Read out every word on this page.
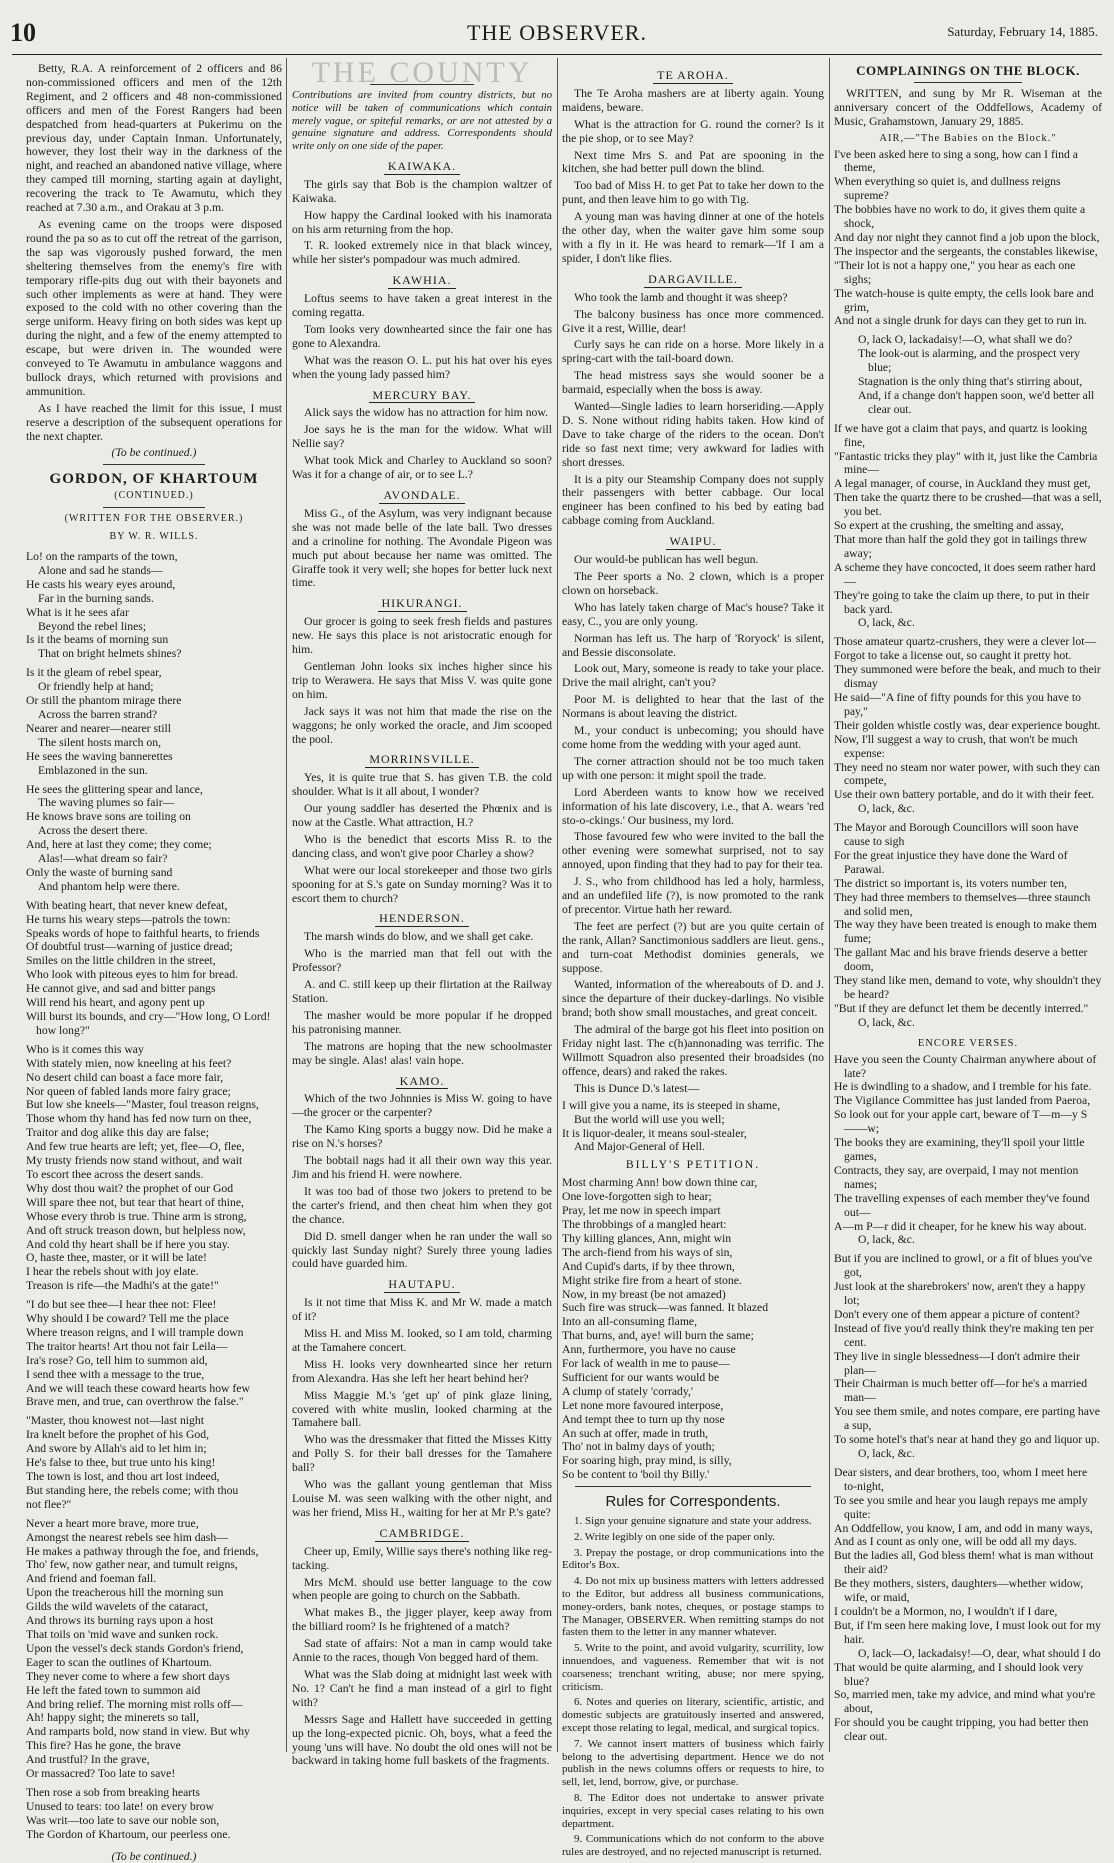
10	THE OBSERVER.	Saturday, February 14, 1885.

Betty, R.A. A reinforcement of 2 officers and 86 non-commissioned officers and men of the 12th Regiment, and 2 officers and 48 non-commissioned officers and men of the Forest Rangers had been despatched from head-quarters at Pukerimu on the previous day, under Captain Inman. Unfortunately, however, they lost their way in the darkness of the night, and reached an abandoned native village, where they camped till morning, starting again at daylight, recovering the track to Te Awamutu, which they reached at 7.30 a.m., and Orakau at 3 p.m.

As evening came on the troops were disposed round the pa so as to cut off the retreat of the garrison, the sap was vigorously pushed forward, the men sheltering themselves from the enemy's fire with temporary rifle-pits dug out with their bayonets and such other implements as were at hand. They were exposed to the cold with no other covering than the serge uniform. Heavy firing on both sides was kept up during the night, and a few of the enemy attempted to escape, but were driven in. The wounded were conveyed to Te Awamutu in ambulance waggons and bullock drays, which returned with provisions and ammunition.

As I have reached the limit for this issue, I must reserve a description of the subsequent operations for the next chapter.

(To be continued.)
GORDON, OF KHARTOUM
(CONTINUED.)
(WRITTEN FOR THE OBSERVER.)
BY W. R. WILLS.
Lo! on the ramparts of the town,
Alone and sad he stands—
He casts his weary eyes around,
Far in the burning sands.
What is it he sees afar
Beyond the rebel lines;
Is it the beams of morning sun
That on bright helmets shines?
Is it the gleam of rebel spear,
Or friendly help at hand;
Or still the phantom mirage there
Across the barren strand?
Nearer and nearer—nearer still
The silent hosts march on,
He sees the waving bannerettes
Emblazoned in the sun.
He sees the glittering spear and lance,
The waving plumes so fair—
He knows brave sons are toiling on
Across the desert there.
And, here at last they come; they come;
Alas!—what dream so fair?
Only the waste of burning sand
And phantom help were there.
With beating heart, that never knew defeat,
He turns his weary steps—patrols the town:
Speaks words of hope to faithful hearts, to friends
Of doubtful trust—warning of justice dread;
Smiles on the little children in the street,
Who look with piteous eyes to him for bread.
He cannot give, and sad and bitter pangs
Will rend his heart, and agony pent up
Will burst its bounds, and cry—"How long, O Lord! how long?"
Who is it comes this way
With stately mien, now kneeling at his feet?
No desert child can boast a face more fair,
Nor queen of fabled lands more fairy grace;
But low she kneels—"Master, foul treason reigns,
Those whom thy hand has fed now turn on thee,
Traitor and dog alike this day are false;
And few true hearts are left; yet, flee—O, flee,
My trusty friends now stand without, and wait
To escort thee across the desert sands.
Why dost thou wait? the prophet of our God
Will spare thee not, but tear that heart of thine,
Whose every throb is true. Thine arm is strong,
And oft struck treason down, but helpless now,
And cold thy heart shall be if here you stay.
O, haste thee, master, or it will be late!
I hear the rebels shout with joy elate.
Treason is rife—the Madhi's at the gate!"
"I do but see thee—I hear thee not: Flee!
Why should I be coward? Tell me the place
Where treason reigns, and I will trample down
The traitor hearts! Art thou not fair Leila—
Ira's rose? Go, tell him to summon aid,
I send thee with a message to the true,
And we will teach these coward hearts how few
Brave men, and true, can overthrow the false."
"Master, thou knowest not—last night
Ira knelt before the prophet of his God,
And swore by Allah's aid to let him in;
He's false to thee, but true unto his king!
The town is lost, and thou art lost indeed,
But standing here, the rebels come; with thou
not flee?"
Never a heart more brave, more true,
Amongst the nearest rebels see him dash—
He makes a pathway through the foe, and friends,
Tho' few, now gather near, and tumult reigns,
And friend and foeman fall.
Upon the treacherous hill the morning sun
Gilds the wild wavelets of the cataract,
And throws its burning rays upon a host
That toils on 'mid wave and sunken rock.
Upon the vessel's deck stands Gordon's friend,
Eager to scan the outlines of Khartoum.
They never come to where a few short days
He left the fated town to summon aid
And bring relief. The morning mist rolls off—
Ah! happy sight; the minerets so tall,
And ramparts bold, now stand in view. But why
This fire? Has he gone, the brave
And trustful? In the grave,
Or massacred? Too late to save!
Then rose a sob from breaking hearts
Unused to tears: too late! on every brow
Was writ—too late to save our noble son,
The Gordon of Khartoum, our peerless one.
(To be continued.)
THE COUNTY
Contributions are invited from country districts, but no notice will be taken of communications which contain merely vague, or spiteful remarks, or are not attested by a genuine signature and address. Correspondents should write only on one side of the paper.
KAIWAKA.

The girls say that Bob is the champion waltzer of Kaiwaka.

How happy the Cardinal looked with his inamorata on his arm returning from the hop.

T. R. looked extremely nice in that black wincey, while her sister's pompadour was much admired.

KAWHIA.

Loftus seems to have taken a great interest in the coming regatta.

Tom looks very downhearted since the fair one has gone to Alexandra.

What was the reason O. L. put his hat over his eyes when the young lady passed him?

MERCURY BAY.

Alick says the widow has no attraction for him now.

Joe says he is the man for the widow. What will Nellie say?

What took Mick and Charley to Auckland so soon? Was it for a change of air, or to see L.?

AVONDALE.

Miss G., of the Asylum, was very indignant because she was not made belle of the late ball. Two dresses and a crinoline for nothing. The Avondale Pigeon was much put about because her name was omitted. The Giraffe took it very well; she hopes for better luck next time.

HIKURANGI.

Our grocer is going to seek fresh fields and pastures new. He says this place is not aristocratic enough for him.

Gentleman John looks six inches higher since his trip to Werawera. He says that Miss V. was quite gone on him.

Jack says it was not him that made the rise on the waggons; he only worked the oracle, and Jim scooped the pool.

MORRINSVILLE.

Yes, it is quite true that S. has given T.B. the cold shoulder. What is it all about, I wonder?

Our young saddler has deserted the Phœnix and is now at the Castle. What attraction, H.?

Who is the benedict that escorts Miss R. to the dancing class, and won't give poor Charley a show?

What were our local storekeeper and those two girls spooning for at S.'s gate on Sunday morning? Was it to escort them to church?

HENDERSON.

The marsh winds do blow, and we shall get cake.

Who is the married man that fell out with the Professor?

A. and C. still keep up their flirtation at the Railway Station.

The masher would be more popular if he dropped his patronising manner.

The matrons are hoping that the new schoolmaster may be single. Alas! alas! vain hope.

KAMO.

Which of the two Johnnies is Miss W. going to have—the grocer or the carpenter?

The Kamo King sports a buggy now. Did he make a rise on N.'s horses?

The bobtail nags had it all their own way this year. Jim and his friend H. were nowhere.

It was too bad of those two jokers to pretend to be the carter's friend, and then cheat him when they got the chance.

Did D. smell danger when he ran under the wall so quickly last Sunday night? Surely three young ladies could have guarded him.

HAUTAPU.

Is it not time that Miss K. and Mr W. made a match of it?

Miss H. and Miss M. looked, so I am told, charming at the Tamahere concert.

Miss H. looks very downhearted since her return from Alexandra. Has she left her heart behind her?

Miss Maggie M.'s 'get up' of pink glaze lining, covered with white muslin, looked charming at the Tamahere ball.

Who was the dressmaker that fitted the Misses Kitty and Polly S. for their ball dresses for the Tamahere ball?

Who was the gallant young gentleman that Miss Louise M. was seen walking with the other night, and was her friend, Miss H., waiting for her at Mr P.'s gate?

CAMBRIDGE.

Cheer up, Emily, Willie says there's nothing like reg-tacking.

Mrs McM. should use better language to the cow when people are going to church on the Sabbath.

What makes B., the jigger player, keep away from the billiard room? Is he frightened of a match?

Sad state of affairs: Not a man in camp would take Annie to the races, though Von begged hard of them.

What was the Slab doing at midnight last week with No. 1? Can't he find a man instead of a girl to fight with?

Messrs Sage and Hallett have succeeded in getting up the long-expected picnic. Oh, boys, what a feed the young 'uns will have. No doubt the old ones will not be backward in taking home full baskets of the fragments.

TE AROHA.

The Te Aroha mashers are at liberty again. Young maidens, beware.

What is the attraction for G. round the corner? Is it the pie shop, or to see May?

Next time Mrs S. and Pat are spooning in the kitchen, she had better pull down the blind.

Too bad of Miss H. to get Pat to take her down to the punt, and then leave him to go with Tig.

A young man was having dinner at one of the hotels the other day, when the waiter gave him some soup with a fly in it. He was heard to remark—'If I am a spider, I don't like flies.

DARGAVILLE.

Who took the lamb and thought it was sheep?

The balcony business has once more commenced. Give it a rest, Willie, dear!

Curly says he can ride on a horse. More likely in a spring-cart with the tail-board down.

The head mistress says she would sooner be a barmaid, especially when the boss is away.

Wanted—Single ladies to learn horseriding.—Apply D. S. None without riding habits taken. How kind of Dave to take charge of the riders to the ocean. Don't ride so fast next time; very awkward for ladies with short dresses.

It is a pity our Steamship Company does not supply their passengers with better cabbage. Our local engineer has been confined to his bed by eating bad cabbage coming from Auckland.

WAIPU.

Our would-be publican has well begun.

The Peer sports a No. 2 clown, which is a proper clown on horseback.

Who has lately taken charge of Mac's house? Take it easy, C., you are only young.

Norman has left us. The harp of 'Roryock' is silent, and Bessie disconsolate.

Look out, Mary, someone is ready to take your place. Drive the mail alright, can't you?

Poor M. is delighted to hear that the last of the Normans is about leaving the district.

M., your conduct is unbecoming; you should have come home from the wedding with your aged aunt.

The corner attraction should not be too much taken up with one person: it might spoil the trade.

Lord Aberdeen wants to know how we received information of his late discovery, i.e., that A. wears 'red sto-o-ckings.' Our business, my lord.

Those favoured few who were invited to the ball the other evening were somewhat surprised, not to say annoyed, upon finding that they had to pay for their tea.

J. S., who from childhood has led a holy, harmless, and an undefiled life (?), is now promoted to the rank of precentor. Virtue hath her reward.

The feet are perfect (?) but are you quite certain of the rank, Allan? Sanctimonious saddlers are lieut. gens., and turn-coat Methodist dominies generals, we suppose.

Wanted, information of the whereabouts of D. and J. since the departure of their duckey-darlings. No visible brand; both show small moustaches, and great conceit.

The admiral of the barge got his fleet into position on Friday night last. The c(h)annonading was terrific. The Willmott Squadron also presented their broadsides (no offence, dears) and raked the rakes.

This is Dunce D.'s latest—

I will give you a name, its is steeped in shame,
But the world will use you well;
It is liquor-dealer, it means soul-stealer,
And Major-General of Hell.
BILLY'S PETITION.
Most charming Ann! bow down thine car,
One love-forgotten sigh to hear;
Pray, let me now in speech impart
The throbbings of a mangled heart:
Thy killing glances, Ann, might win
The arch-fiend from his ways of sin,
And Cupid's darts, if by thee thrown,
Might strike fire from a heart of stone.
Now, in my breast (be not amazed)
Such fire was struck—was fanned. It blazed
Into an all-consuming flame,
That burns, and, aye! will burn the same;
Ann, furthermore, you have no cause
For lack of wealth in me to pause—
Sufficient for our wants would be
A clump of stately 'corrady,'
Let none more favoured interpose,
And tempt thee to turn up thy nose
An such at offer, made in truth,
Tho' not in balmy days of youth;
For soaring high, pray mind, is silly,
So be content to 'boil thy Billy.'
Rules for Correspondents.

1. Sign your genuine signature and state your address.

2. Write legibly on one side of the paper only.

3. Prepay the postage, or drop communications into the Editor's Box.

4. Do not mix up business matters with letters addressed to the Editor, but address all business communications, money-orders, bank notes, cheques, or postage stamps to The Manager, OBSERVER. When remitting stamps do not fasten them to the letter in any manner whatever.

5. Write to the point, and avoid vulgarity, scurrility, low innuendoes, and vagueness. Remember that wit is not coarseness; trenchant writing, abuse; nor mere spying, criticism.

6. Notes and queries on literary, scientific, artistic, and domestic subjects are gratuitously inserted and answered, except those relating to legal, medical, and surgical topics.

7. We cannot insert matters of business which fairly belong to the advertising department. Hence we do not publish in the news columns offers or requests to hire, to sell, let, lend, borrow, give, or purchase.

8. The Editor does not undertake to answer private inquiries, except in very special cases relating to his own department.

9. Communications which do not conform to the above rules are destroyed, and no rejected manuscript is returned.

COMPLAININGS ON THE BLOCK.

WRITTEN, and sung by Mr R. Wiseman at the anniversary concert of the Oddfellows, Academy of Music, Grahamstown, January 29, 1885.

AIR,—"The Babies on the Block."
I've been asked here to sing a song, how can I find a theme,
When everything so quiet is, and dullness reigns supreme?
The bobbies have no work to do, it gives them quite a shock,
And day nor night they cannot find a job upon the block,
The inspector and the sergeants, the constables likewise,
"Their lot is not a happy one," you hear as each one sighs;
The watch-house is quite empty, the cells look bare and grim,
And not a single drunk for days can they get to run in.
O, lack O, lackadaisy!—O, what shall we do?
The look-out is alarming, and the prospect very blue;
Stagnation is the only thing that's stirring about,
And, if a change don't happen soon, we'd better all clear out.
If we have got a claim that pays, and quartz is looking fine,
"Fantastic tricks they play" with it, just like the Cambria mine—
A legal manager, of course, in Auckland they must get,
Then take the quartz there to be crushed—that was a sell, you bet.
So expert at the crushing, the smelting and assay,
That more than half the gold they got in tailings threw away;
A scheme they have concocted, it does seem rather hard—
They're going to take the claim up there, to put in their back yard.
O, lack, &c.
Those amateur quartz-crushers, they were a clever lot—
Forgot to take a license out, so caught it pretty hot.
They summoned were before the beak, and much to their dismay
He said—"A fine of fifty pounds for this you have to pay,"
Their golden whistle costly was, dear experience bought.
Now, I'll suggest a way to crush, that won't be much expense:
They need no steam nor water power, with such they can compete,
Use their own battery portable, and do it with their feet.
O, lack, &c.
The Mayor and Borough Councillors will soon have cause to sigh
For the great injustice they have done the Ward of Parawai.
The district so important is, its voters number ten,
They had three members to themselves—three staunch and solid men,
The way they have been treated is enough to make them fume;
The gallant Mac and his brave friends deserve a better doom,
They stand like men, demand to vote, why shouldn't they be heard?
"But if they are defunct let them be decently interred."
O, lack, &c.
ENCORE VERSES.
Have you seen the County Chairman anywhere about of late?
He is dwindling to a shadow, and I tremble for his fate.
The Vigilance Committee has just landed from Paeroa,
So look out for your apple cart, beware of T—m—y S——w;
The books they are examining, they'll spoil your little games,
Contracts, they say, are overpaid, I may not mention names;
The travelling expenses of each member they've found out—
A—m P—r did it cheaper, for he knew his way about.
O, lack, &c.
But if you are inclined to growl, or a fit of blues you've got,
Just look at the sharebrokers' now, aren't they a happy lot;
Don't every one of them appear a picture of content?
Instead of five you'd really think they're making ten per cent.
They live in single blessedness—I don't admire their plan—
Their Chairman is much better off—for he's a married man—
You see them smile, and notes compare, ere parting have a sup,
To some hotel's that's near at hand they go and liquor up.
O, lack, &c.
Dear sisters, and dear brothers, too, whom I meet here to-night,
To see you smile and hear you laugh repays me amply quite:
An Oddfellow, you know, I am, and odd in many ways,
And as I count as only one, will be odd all my days.
But the ladies all, God bless them! what is man without their aid?
Be they mothers, sisters, daughters—whether widow, wife, or maid,
I couldn't be a Mormon, no, I wouldn't if I dare,
But, if I'm seen here making love, I must look out for my hair.
O, lack—O, lackadaisy!—O, dear, what should I do
That would be quite alarming, and I should look very blue?
So, married men, take my advice, and mind what you're about,
For should you be caught tripping, you had better then clear out.
